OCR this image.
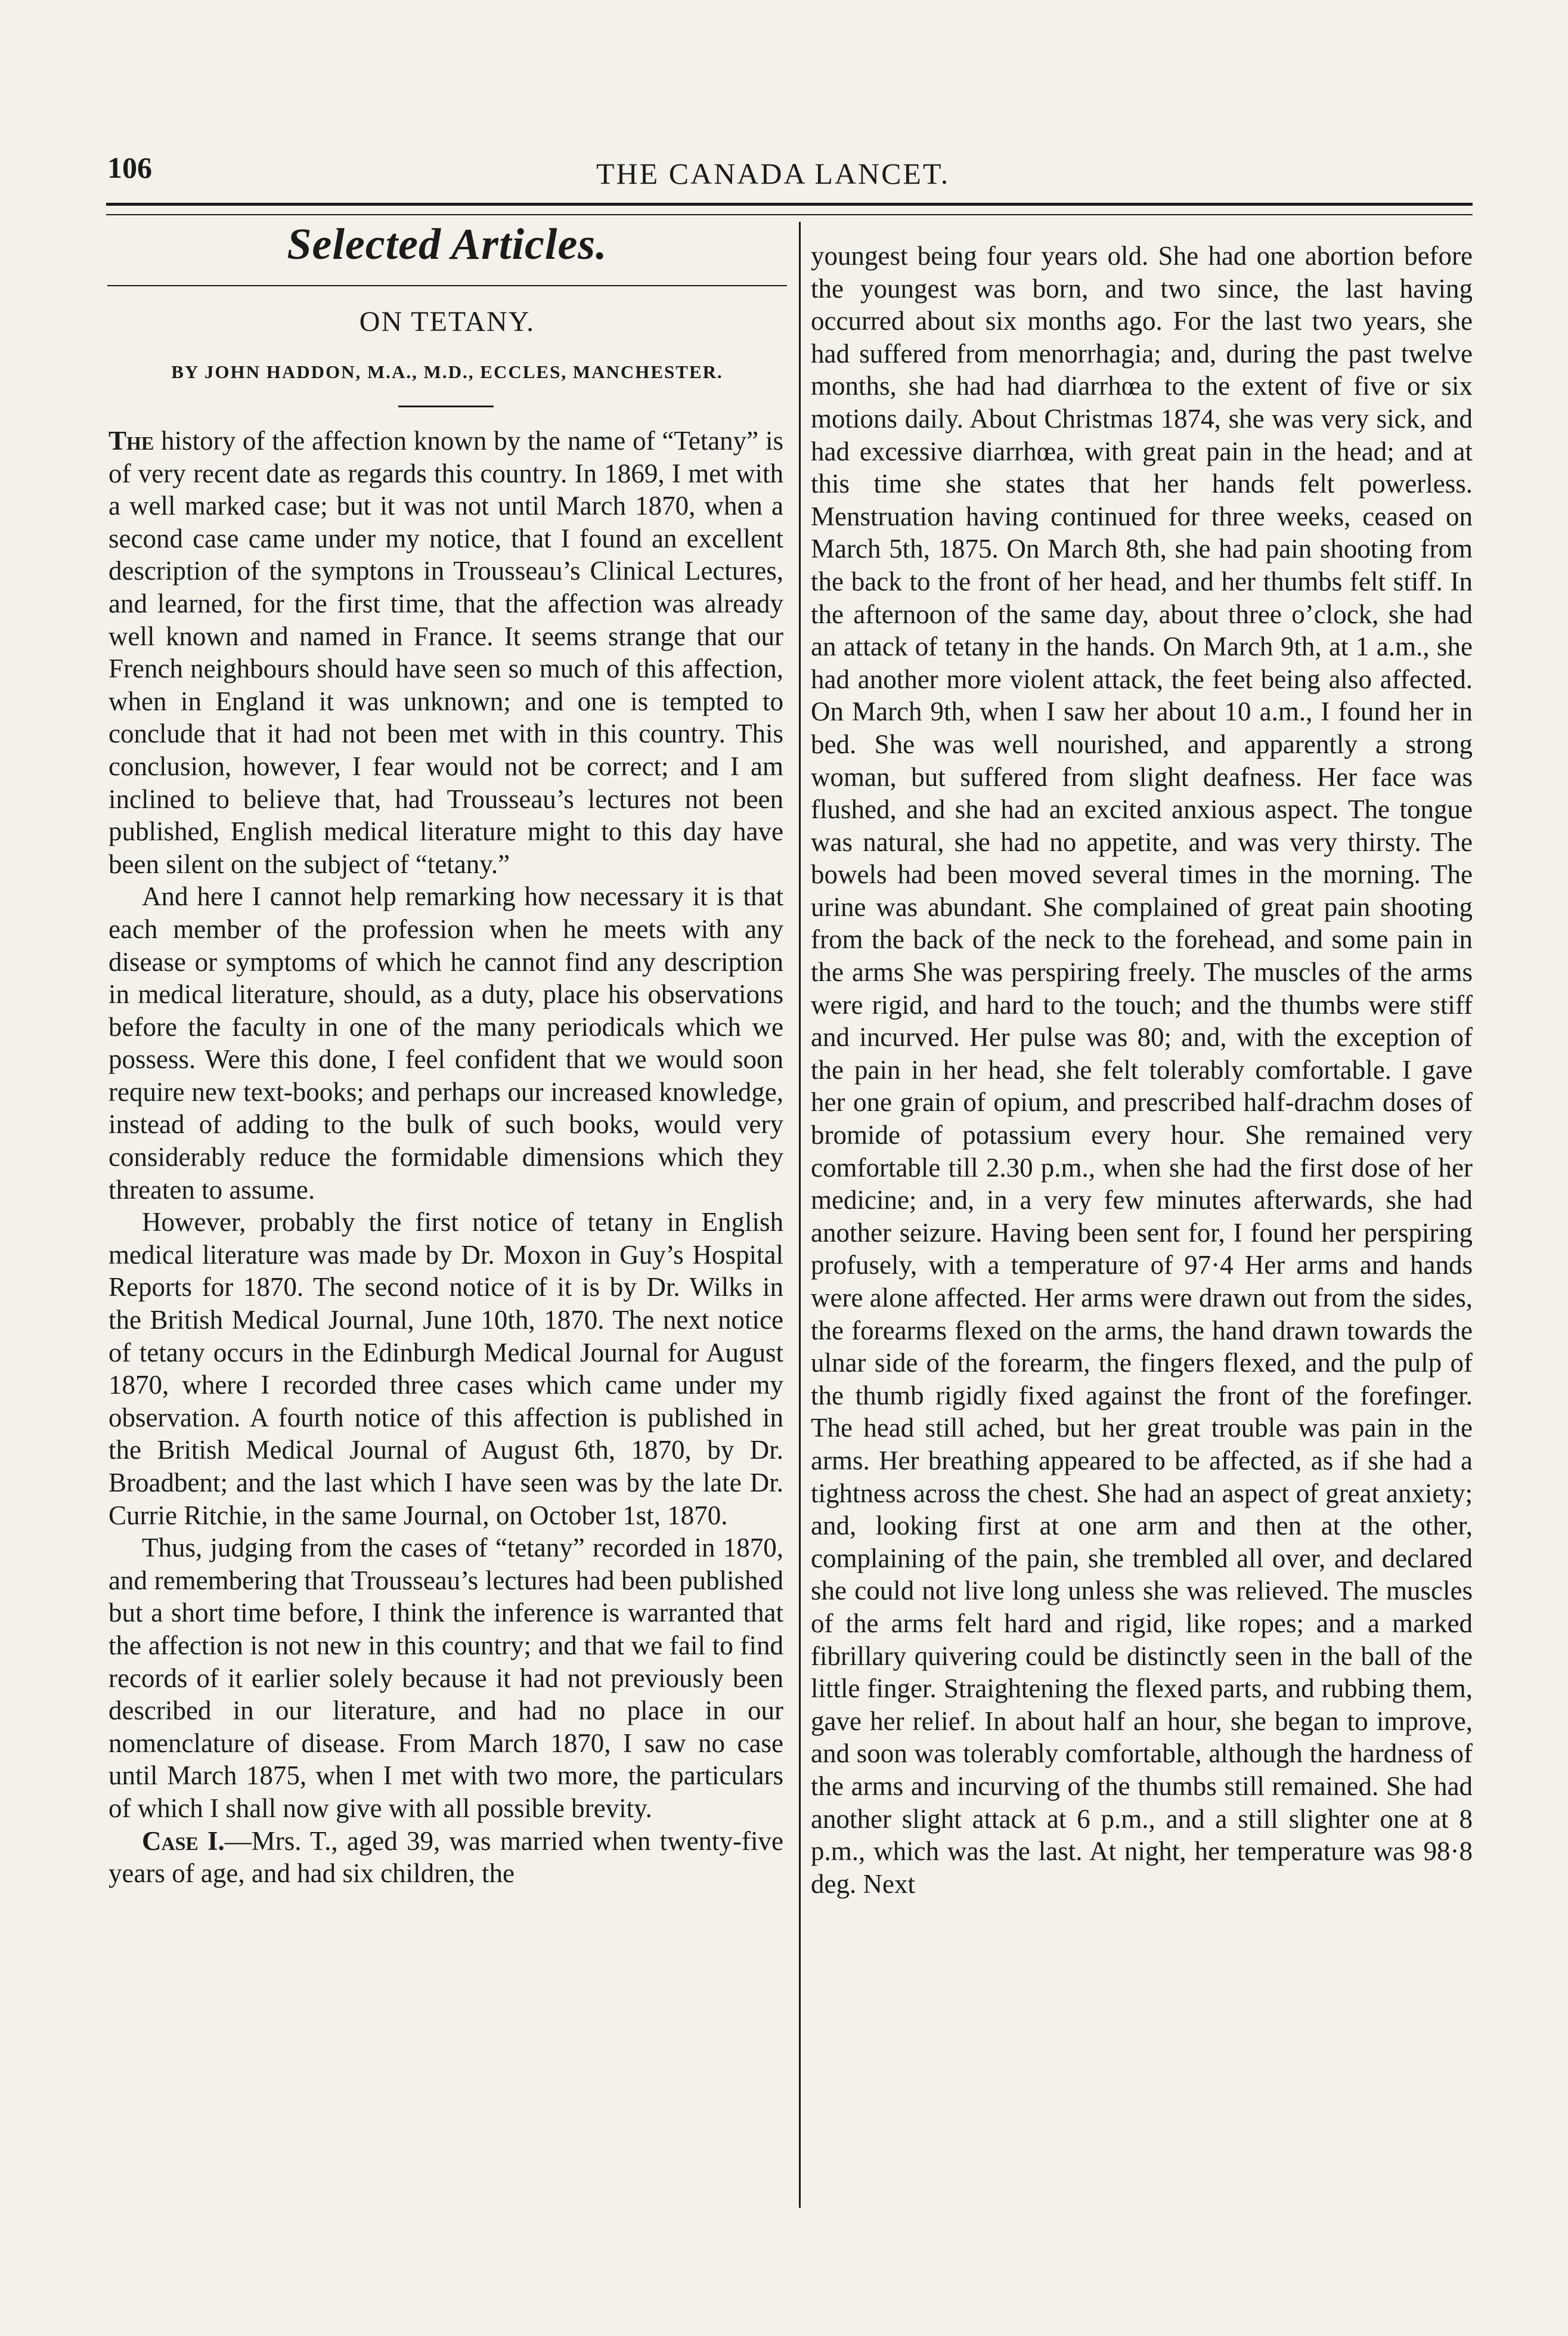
106	THE CANADA LANCET.
Selected Articles.
ON TETANY.
BY JOHN HADDON, M.A., M.D., ECCLES, MANCHESTER.

The history of the affection known by the name of “Tetany” is of very recent date as regards this country. In 1869, I met with a well marked case; but it was not until March 1870, when a second case came under my notice, that I found an excellent description of the symptons in Trousseau’s Clinical Lectures, and learned, for the first time, that the affection was already well known and named in France. It seems strange that our French neighbours should have seen so much of this affection, when in England it was unknown; and one is tempted to conclude that it had not been met with in this country. This conclusion, however, I fear would not be correct; and I am inclined to believe that, had Trousseau’s lectures not been published, English medical literature might to this day have been silent on the subject of “tetany.”

And here I cannot help remarking how necessary it is that each member of the profession when he meets with any disease or symptoms of which he cannot find any description in medical literature, should, as a duty, place his observations before the faculty in one of the many periodicals which we possess. Were this done, I feel confident that we would soon require new text-books; and perhaps our increased knowledge, instead of adding to the bulk of such books, would very considerably reduce the formidable dimensions which they threaten to assume.

However, probably the first notice of tetany in English medical literature was made by Dr. Moxon in Guy’s Hospital Reports for 1870. The second notice of it is by Dr. Wilks in the British Medical Journal, June 10th, 1870. The next notice of tetany occurs in the Edinburgh Medical Journal for August 1870, where I recorded three cases which came under my observation. A fourth notice of this affection is published in the British Medical Journal of August 6th, 1870, by Dr. Broadbent; and the last which I have seen was by the late Dr. Currie Ritchie, in the same Journal, on October 1st, 1870.

Thus, judging from the cases of “tetany” recorded in 1870, and remembering that Trousseau’s lectures had been published but a short time before, I think the inference is warranted that the affection is not new in this country; and that we fail to find records of it earlier solely because it had not previously been described in our literature, and had no place in our nomenclature of disease. From March 1870, I saw no case until March 1875, when I met with two more, the particulars of which I shall now give with all possible brevity.

Case I.—Mrs. T., aged 39, was married when twenty-five years of age, and had six children, the

youngest being four years old. She had one abortion before the youngest was born, and two since, the last having occurred about six months ago. For the last two years, she had suffered from menorrhagia; and, during the past twelve months, she had had diarrhœa to the extent of five or six motions daily. About Christmas 1874, she was very sick, and had excessive diarrhœa, with great pain in the head; and at this time she states that her hands felt powerless. Menstruation having continued for three weeks, ceased on March 5th, 1875. On March 8th, she had pain shooting from the back to the front of her head, and her thumbs felt stiff. In the afternoon of the same day, about three o’clock, she had an attack of tetany in the hands. On March 9th, at 1 a.m., she had another more violent attack, the feet being also affected. On March 9th, when I saw her about 10 a.m., I found her in bed. She was well nourished, and apparently a strong woman, but suffered from slight deafness. Her face was flushed, and she had an excited anxious aspect. The tongue was natural, she had no appetite, and was very thirsty. The bowels had been moved several times in the morning. The urine was abundant. She complained of great pain shooting from the back of the neck to the forehead, and some pain in the arms She was perspiring freely. The muscles of the arms were rigid, and hard to the touch; and the thumbs were stiff and incurved. Her pulse was 80; and, with the exception of the pain in her head, she felt tolerably comfortable. I gave her one grain of opium, and prescribed half-drachm doses of bromide of potassium every hour. She remained very comfortable till 2.30 p.m., when she had the first dose of her medicine; and, in a very few minutes afterwards, she had another seizure. Having been sent for, I found her perspiring profusely, with a temperature of 97·4 Her arms and hands were alone affected. Her arms were drawn out from the sides, the forearms flexed on the arms, the hand drawn towards the ulnar side of the forearm, the fingers flexed, and the pulp of the thumb rigidly fixed against the front of the forefinger. The head still ached, but her great trouble was pain in the arms. Her breathing appeared to be affected, as if she had a tightness across the chest. She had an aspect of great anxiety; and, looking first at one arm and then at the other, complaining of the pain, she trembled all over, and declared she could not live long unless she was relieved. The muscles of the arms felt hard and rigid, like ropes; and a marked fibrillary quivering could be distinctly seen in the ball of the little finger. Straightening the flexed parts, and rubbing them, gave her relief. In about half an hour, she began to improve, and soon was tolerably comfortable, although the hardness of the arms and incurving of the thumbs still remained. She had another slight attack at 6 p.m., and a still slighter one at 8 p.m., which was the last. At night, her temperature was 98·8 deg. Next
